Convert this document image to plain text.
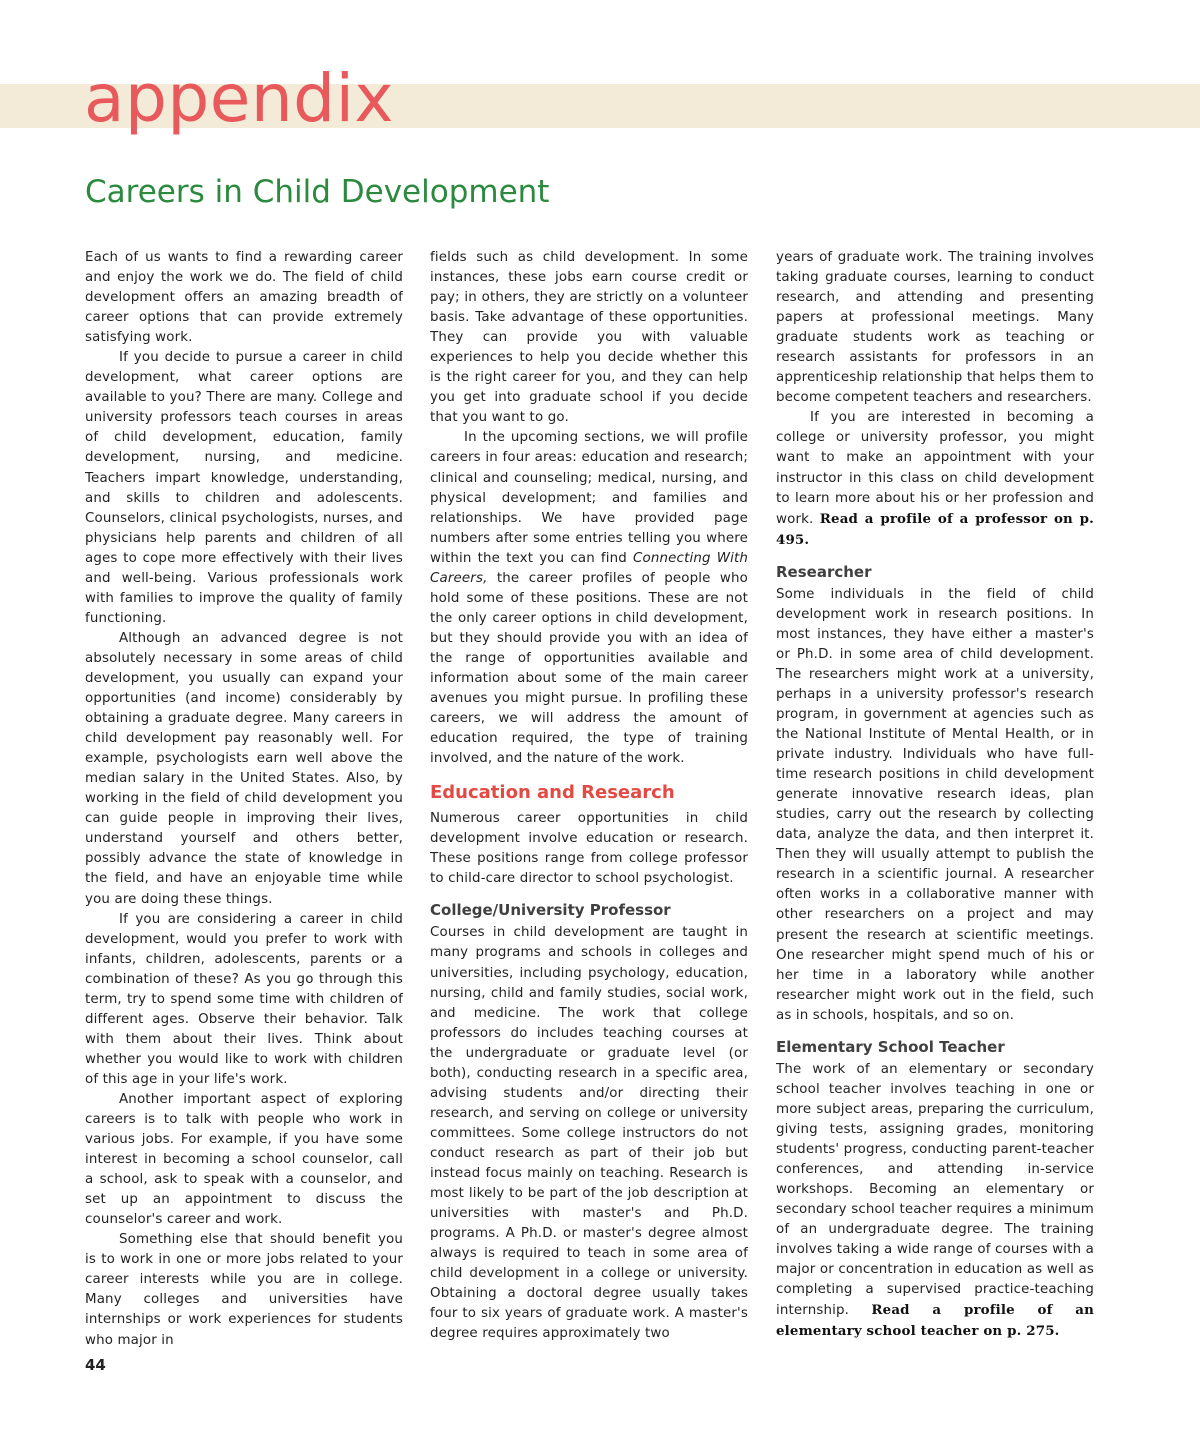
appendix
Careers in Child Development

Each of us wants to find a rewarding career and enjoy the work we do. The field of child development offers an amazing breadth of career options that can provide extremely satisfying work.

If you decide to pursue a career in child development, what career options are available to you? There are many. College and university professors teach courses in areas of child development, education, family development, nursing, and medicine. Teachers impart knowledge, understanding, and skills to children and adolescents. Counselors, clinical psychologists, nurses, and physicians help parents and children of all ages to cope more effectively with their lives and well-being. Various professionals work with families to improve the quality of family functioning.

Although an advanced degree is not absolutely necessary in some areas of child development, you usually can expand your opportunities (and income) considerably by obtaining a graduate degree. Many careers in child development pay reasonably well. For example, psychologists earn well above the median salary in the United States. Also, by working in the field of child development you can guide people in improving their lives, understand yourself and others better, possibly advance the state of knowledge in the field, and have an enjoyable time while you are doing these things.

If you are considering a career in child development, would you prefer to work with infants, children, adolescents, parents or a combination of these? As you go through this term, try to spend some time with children of different ages. Observe their behavior. Talk with them about their lives. Think about whether you would like to work with children of this age in your life's work.

Another important aspect of exploring careers is to talk with people who work in various jobs. For example, if you have some interest in becoming a school counselor, call a school, ask to speak with a counselor, and set up an appointment to discuss the counselor's career and work.

Something else that should benefit you is to work in one or more jobs related to your career interests while you are in college. Many colleges and universities have internships or work experiences for students who major in

fields such as child development. In some instances, these jobs earn course credit or pay; in others, they are strictly on a volunteer basis. Take advantage of these opportunities. They can provide you with valuable experiences to help you decide whether this is the right career for you, and they can help you get into graduate school if you decide that you want to go.

In the upcoming sections, we will profile careers in four areas: education and research; clinical and counseling; medical, nursing, and physical development; and families and relationships. We have provided page numbers after some entries telling you where within the text you can find Connecting With Careers, the career profiles of people who hold some of these positions. These are not the only career options in child development, but they should provide you with an idea of the range of opportunities available and information about some of the main career avenues you might pursue. In profiling these careers, we will address the amount of education required, the type of training involved, and the nature of the work.

Education and Research

Numerous career opportunities in child development involve education or research. These positions range from college professor to child-care director to school psychologist.

College/University Professor

Courses in child development are taught in many programs and schools in colleges and universities, including psychology, education, nursing, child and family studies, social work, and medicine. The work that college professors do includes teaching courses at the undergraduate or graduate level (or both), conducting research in a specific area, advising students and/or directing their research, and serving on college or university committees. Some college instructors do not conduct research as part of their job but instead focus mainly on teaching. Research is most likely to be part of the job description at universities with master's and Ph.D. programs. A Ph.D. or master's degree almost always is required to teach in some area of child development in a college or university. Obtaining a doctoral degree usually takes four to six years of graduate work. A master's degree requires approximately two

years of graduate work. The training involves taking graduate courses, learning to conduct research, and attending and presenting papers at professional meetings. Many graduate students work as teaching or research assistants for professors in an apprenticeship relationship that helps them to become competent teachers and researchers.

If you are interested in becoming a college or university professor, you might want to make an appointment with your instructor in this class on child development to learn more about his or her profession and work. Read a profile of a professor on p. 495.

Researcher

Some individuals in the field of child development work in research positions. In most instances, they have either a master's or Ph.D. in some area of child development. The researchers might work at a university, perhaps in a university professor's research program, in government at agencies such as the National Institute of Mental Health, or in private industry. Individuals who have full-time research positions in child development generate innovative research ideas, plan studies, carry out the research by collecting data, analyze the data, and then interpret it. Then they will usually attempt to publish the research in a scientific journal. A researcher often works in a collaborative manner with other researchers on a project and may present the research at scientific meetings. One researcher might spend much of his or her time in a laboratory while another researcher might work out in the field, such as in schools, hospitals, and so on.

Elementary School Teacher

The work of an elementary or secondary school teacher involves teaching in one or more subject areas, preparing the curriculum, giving tests, assigning grades, monitoring students' progress, conducting parent-teacher conferences, and attending in-service workshops. Becoming an elementary or secondary school teacher requires a minimum of an undergraduate degree. The training involves taking a wide range of courses with a major or concentration in education as well as completing a supervised practice-teaching internship. Read a profile of an elementary school teacher on p. 275.

44
